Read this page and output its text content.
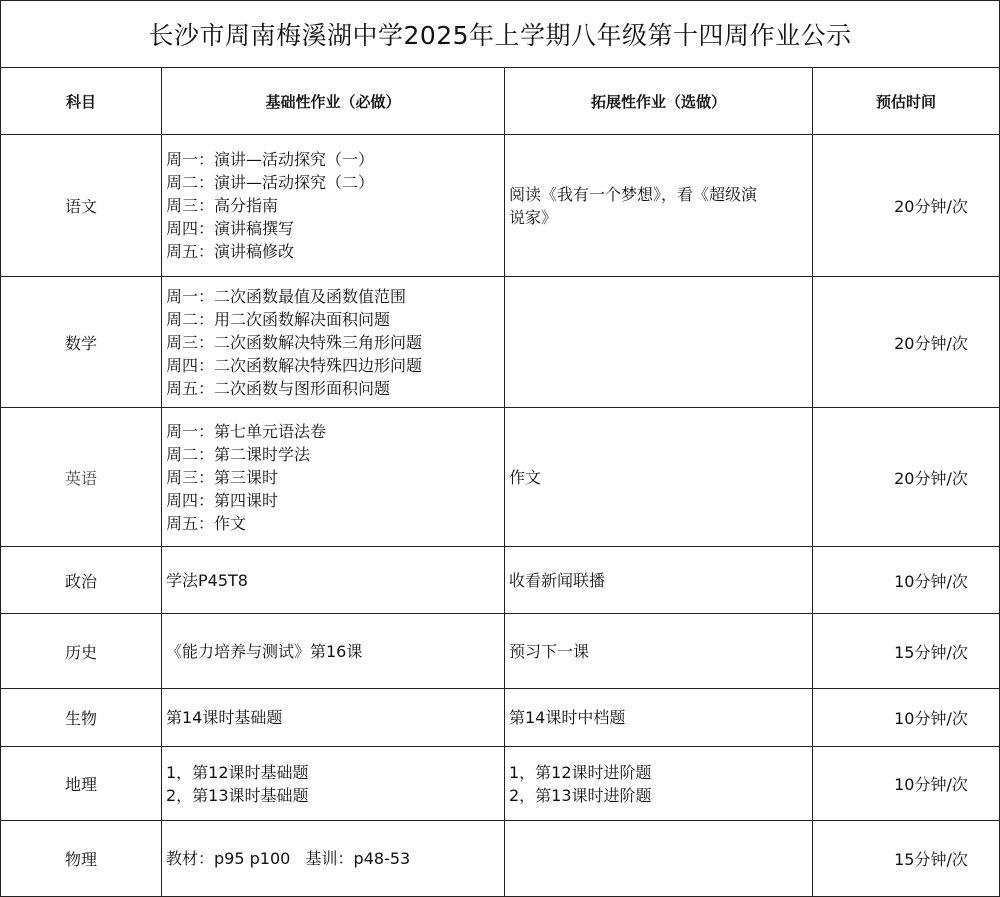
长沙市周南梅溪湖中学2025年上学期八年级第十四周作业公示			
科目	基础性作业（必做）	拓展性作业（选做）	预估时间
语文	周一：演讲—活动探究（一）
周二：演讲—活动探究（二）
周三：高分指南
周四：演讲稿撰写
周五：演讲稿修改	阅读《我有一个梦想》，看《超级演
说家》	20分钟/次
数学	周一：二次函数最值及函数值范围
周二：用二次函数解决面积问题
周三：二次函数解决特殊三角形问题
周四：二次函数解决特殊四边形问题
周五：二次函数与图形面积问题		20分钟/次
英语	周一：第七单元语法卷
周二：第二课时学法
周三：第三课时
周四：第四课时
周五：作文	作文	20分钟/次
政治	学法P45T8	收看新闻联播	10分钟/次
历史	《能力培养与测试》第16课	预习下一课	15分钟/次
生物	第14课时基础题	第14课时中档题	10分钟/次
地理	1，第12课时基础题
2，第13课时基础题	1，第12课时进阶题
2，第13课时进阶题	10分钟/次
物理	教材：p95 p100   基训：p48-53		15分钟/次
